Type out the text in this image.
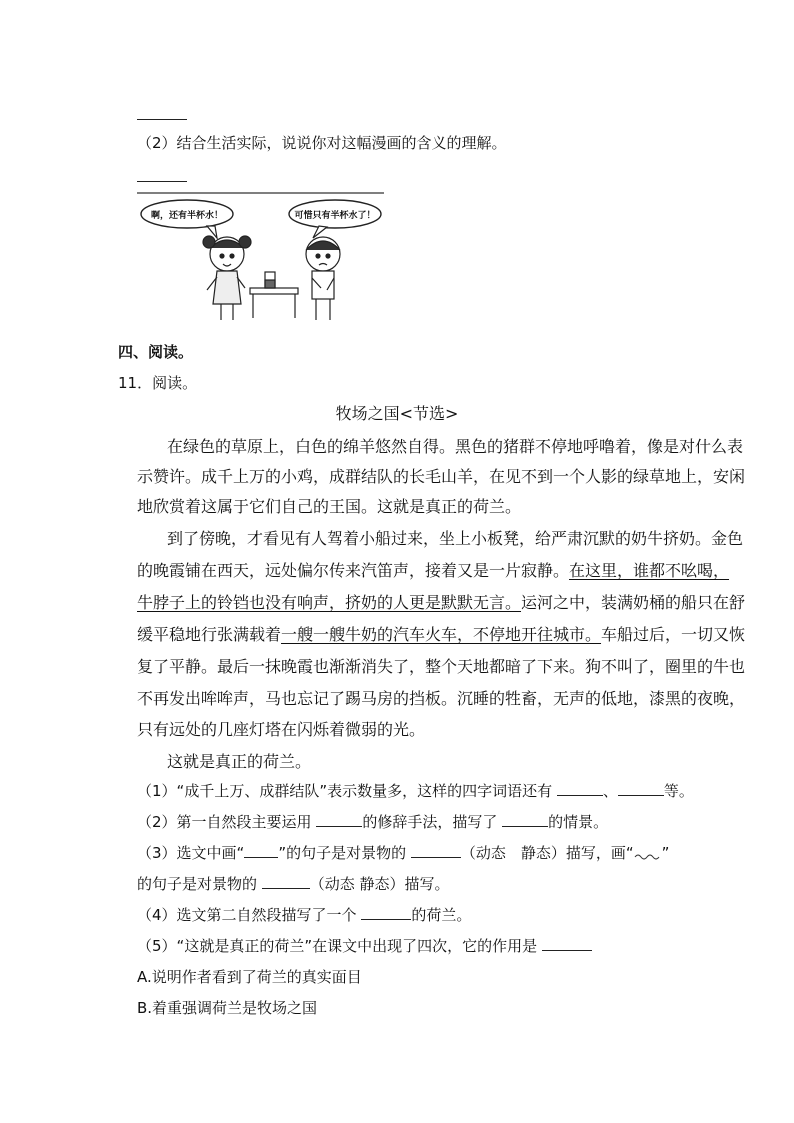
（2）结合生活实际，说说你对这幅漫画的含义的理解。
啊，还有半杯水！	可惜只有半杯水了！
四、阅读。
11．阅读。
牧场之国<节选>
在绿色的草原上，白色的绵羊悠然自得。黑色的猪群不停地呼噜着，像是对什么表
示赞许。成千上万的小鸡，成群结队的长毛山羊，在见不到一个人影的绿草地上，安闲
地欣赏着这属于它们自己的王国。这就是真正的荷兰。
到了傍晚，才看见有人驾着小船过来，坐上小板凳，给严肃沉默的奶牛挤奶。金色
的晚霞铺在西天，远处偏尔传来汽笛声，接着又是一片寂静。在这里，谁都不吆喝，
牛脖子上的铃铛也没有响声，挤奶的人更是默默无言。运河之中，装满奶桶的船只在舒
缓平稳地行张满载着一艘一艘牛奶的汽车火车，不停地开往城市。车船过后，一切又恢
复了平静。最后一抹晚霞也渐渐消失了，整个天地都暗了下来。狗不叫了，圈里的牛也
不再发出哞哞声，马也忘记了踢马房的挡板。沉睡的牲畜，无声的低地，漆黑的夜晚，
只有远处的几座灯塔在闪烁着微弱的光。
这就是真正的荷兰。
（1）“成千上万、成群结队”表示数量多，这样的四字词语还有	、	等。
（2）第一自然段主要运用	的修辞手法，描写了	的情景。
（3）选文中画“ ”的句子是对景物的	（动态　静态）描写，画“ ”
的句子是对景物的	（动态 静态）描写。
（4）选文第二自然段描写了一个	的荷兰。
（5）“这就是真正的荷兰”在课文中出现了四次，它的作用是
A.说明作者看到了荷兰的真实面目
B.着重强调荷兰是牧场之国
